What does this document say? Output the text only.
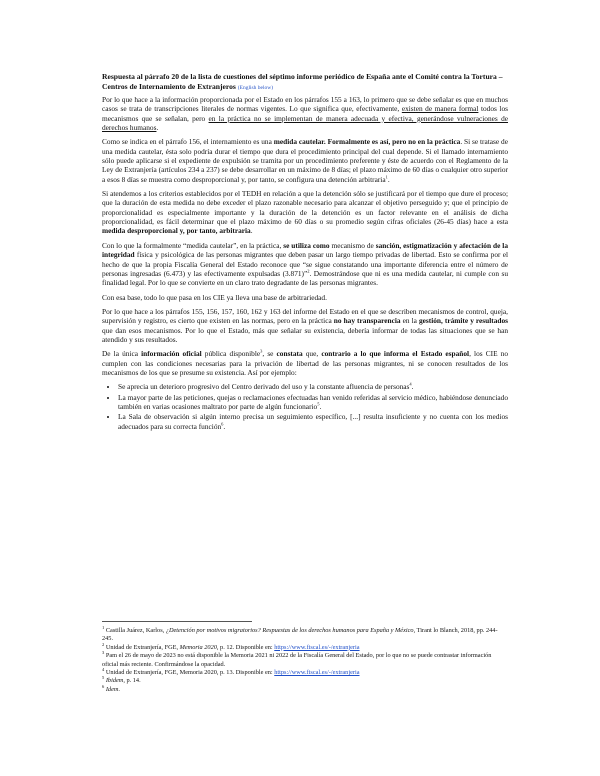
Respuesta al párrafo 20 de la lista de cuestiones del séptimo informe periódico de España ante el Comité contra la Tortura – Centros de Internamiento de Extranjeros (English below)

Por lo que hace a la información proporcionada por el Estado en los párrafos 155 a 163, lo primero que se debe señalar es que en muchos casos se trata de transcripciones literales de normas vigentes. Lo que significa que, efectivamente, existen de manera formal todos los mecanismos que se señalan, pero en la práctica no se implementan de manera adecuada y efectiva, generándose vulneraciones de derechos humanos.

Como se indica en el párrafo 156, el internamiento es una medida cautelar. Formalmente es así, pero no en la práctica. Si se tratase de una medida cautelar, ésta solo podría durar el tiempo que dura el procedimiento principal del cual depende. Si el llamado internamiento sólo puede aplicarse si el expediente de expulsión se tramita por un procedimiento preferente y éste de acuerdo con el Reglamento de la Ley de Extranjería (artículos 234 a 237) se debe desarrollar en un máximo de 8 días; el plazo máximo de 60 días o cualquier otro superior a esos 8 días se muestra como desproporcional y, por tanto, se configura una detención arbitraria$^1$.

Si atendemos a los criterios establecidos por el TEDH en relación a que la detención sólo se justificará por el tiempo que dure el proceso; que la duración de esta medida no debe exceder el plazo razonable necesario para alcanzar el objetivo perseguido y; que el principio de proporcionalidad es especialmente importante y la duración de la detención es un factor relevante en el análisis de dicha proporcionalidad, es fácil determinar que el plazo máximo de 60 días o su promedio según cifras oficiales (26-45 días) hace a esta medida desproporcional y, por tanto, arbitraria.

Con lo que la formalmente “medida cautelar”, en la práctica, se utiliza como mecanismo de sanción, estigmatización y afectación de la integridad física y psicológica de las personas migrantes que deben pasar un largo tiempo privadas de libertad. Esto se confirma por el hecho de que la propia Fiscalía General del Estado reconoce que “se sigue constatando una importante diferencia entre el número de personas ingresadas (6.473) y las efectivamente expulsadas (3.871)”$^2$. Demostrándose que ni es una medida cautelar, ni cumple con su finalidad legal. Por lo que se convierte en un claro trato degradante de las personas migrantes.

Con esa base, todo lo que pasa en los CIE ya lleva una base de arbitrariedad.

Por lo que hace a los párrafos 155, 156, 157, 160, 162 y 163 del informe del Estado en el que se describen mecanismos de control, queja, supervisión y registro, es cierto que existen en las normas, pero en la práctica no hay transparencia en la gestión, trámite y resultados que dan esos mecanismos. Por lo que el Estado, más que señalar su existencia, debería informar de todas las situaciones que se han atendido y sus resultados.

De la única información oficial pública disponible$^3$, se constata que, contrario a lo que informa el Estado español, los CIE no cumplen con las condiciones necesarias para la privación de libertad de las personas migrantes, ni se conocen resultados de los mecanismos de los que se presume su existencia. Así por ejemplo:

• Se aprecia un deterioro progresivo del Centro derivado del uso y la constante afluencia de personas$^4$.
• La mayor parte de las peticiones, quejas o reclamaciones efectuadas han venido referidas al servicio médico, habiéndose denunciado también en varias ocasiones maltrato por parte de algún funcionario$^5$.
• La Sala de observación si algún interno precisa un seguimiento específico, [...] resulta insuficiente y no cuenta con los medios adecuados para su correcta función$^6$.
$^1$ Castilla Juárez, Karlos, ¿Detención por motivos migratorios? Respuestas de los derechos humanos para España y México, Tirant lo Blanch, 2018, pp. 244-245.
$^2$ Unidad de Extranjería, FGE, Memoria 2020, p. 12. Disponible en: https://www.fiscal.es/-/extranjeria
$^3$ Pam el 26 de mayo de 2023 no está disponible la Memoria 2021 ni 2022 de la Fiscalía General del Estado, por lo que no se puede contrastar información oficial más reciente. Confirmándose la opacidad.
$^4$ Unidad de Extranjería, FGE, Memoria 2020, p. 13. Disponible en: https://www.fiscal.es/-/extranjeria
$^5$ Ibidem, p. 14.
$^6$ Idem.
